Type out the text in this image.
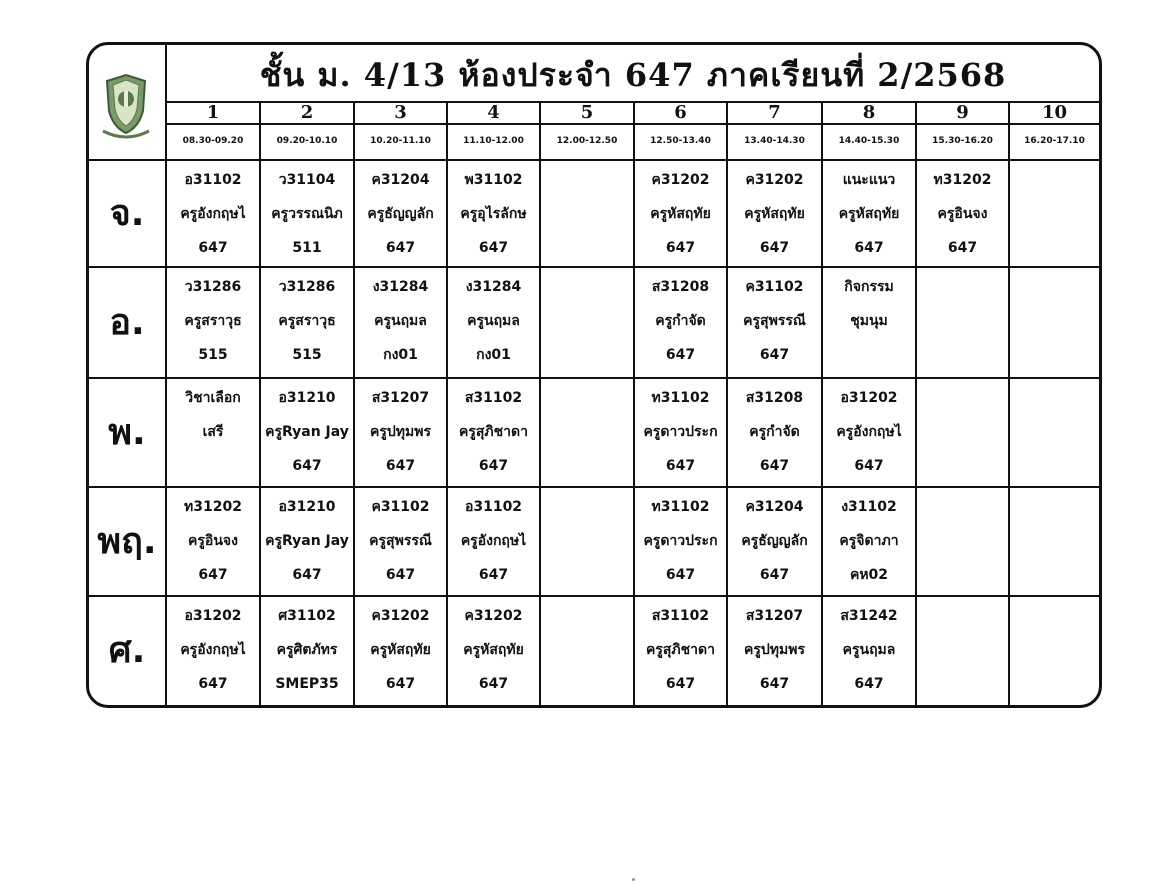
ชั้น ม. 4/13 ห้องประจำ 647 ภาคเรียนที่ 2/2568
1
08.30-09.20
2
09.20-10.10
3
10.20-11.10
4
11.10-12.00
5
12.00-12.50
6
12.50-13.40
7
13.40-14.30
8
14.40-15.30
9
15.30-16.20
10
16.20-17.10
จ.
อ31102
ครูอังกฤษไ
647
ว31104
ครูวรรณนิภ
511
ค31204
ครูธัญญลัก
647
พ31102
ครูอุไรลักษ
647
ค31202
ครูหัสฤทัย
647
ค31202
ครูหัสฤทัย
647
แนะแนว
ครูหัสฤทัย
647
ท31202
ครูอินจง
647
อ.
ว31286
ครูสราวุธ
515
ว31286
ครูสราวุธ
515
ง31284
ครูนฤมล
กง01
ง31284
ครูนฤมล
กง01
ส31208
ครูกำจัด
647
ค31102
ครูสุพรรณี
647
กิจกรรม
ชุมนุม
พ.
วิชาเลือก
เสรี
อ31210
ครูRyan Jay
647
ส31207
ครูปทุมพร
647
ส31102
ครูสุภิชาดา
647
ท31102
ครูดาวประก
647
ส31208
ครูกำจัด
647
อ31202
ครูอังกฤษไ
647
พฤ.
ท31202
ครูอินจง
647
อ31210
ครูRyan Jay
647
ค31102
ครูสุพรรณี
647
อ31102
ครูอังกฤษไ
647
ท31102
ครูดาวประก
647
ค31204
ครูธัญญลัก
647
ง31102
ครูจิดาภา
คห02
ศ.
อ31202
ครูอังกฤษไ
647
ศ31102
ครูศิตภัทร
SMEP35
ค31202
ครูหัสฤทัย
647
ค31202
ครูหัสฤทัย
647
ส31102
ครูสุภิชาดา
647
ส31207
ครูปทุมพร
647
ส31242
ครูนฤมล
647
